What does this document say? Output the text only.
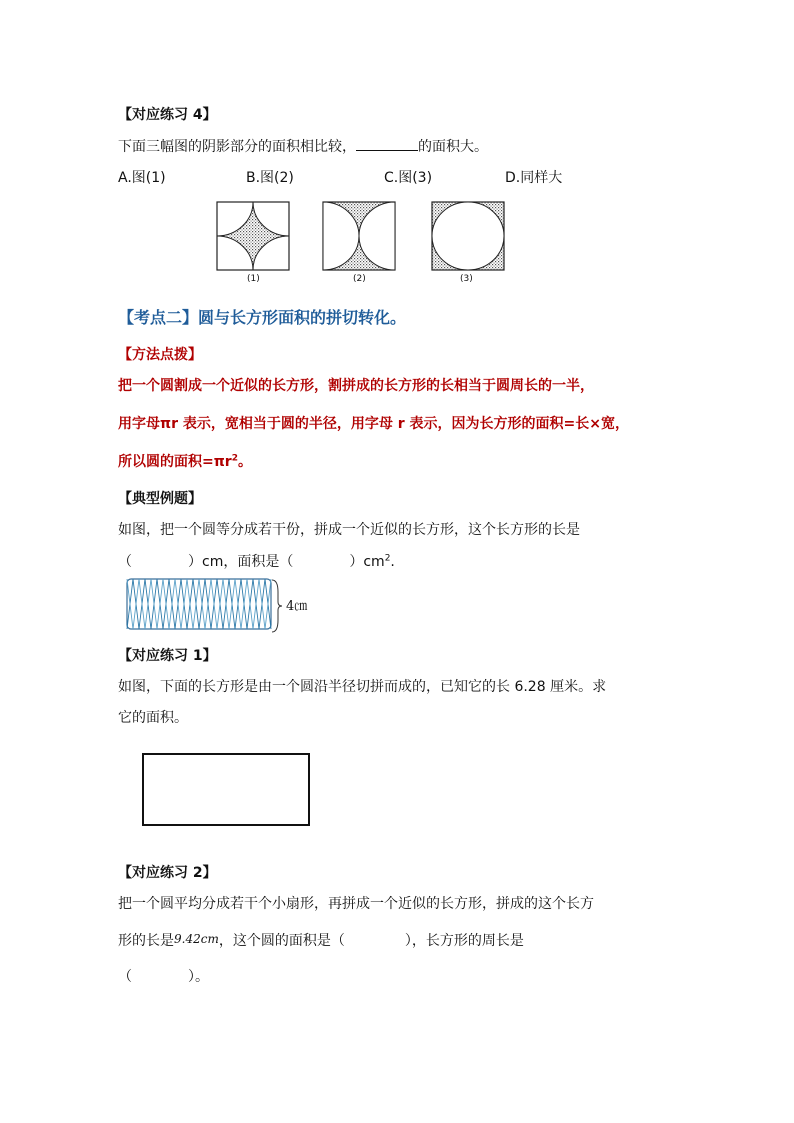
【对应练习 4】
下面三幅图的阴影部分的面积相比较，	的面积大。
A.图(1)	B.图(2)	C.图(3)	D.同样大
(1)	(2)	(3)
【考点二】圆与长方形面积的拼切转化。
【方法点拨】
把一个圆割成一个近似的长方形，割拼成的长方形的长相当于圆周长的一半，
用字母πr 表示，宽相当于圆的半径，用字母 r 表示，因为长方形的面积=长×宽，
所以圆的面积$=\pi r^2$。
【典型例题】
如图，把一个圆等分成若干份，拼成一个近似的长方形，这个长方形的长是
（	）cm，面积是（	）$cm^2$.
4㎝
【对应练习 1】
如图，下面的长方形是由一个圆沿半径切拼而成的，已知它的长 6.28 厘米。求
它的面积。
【对应练习 2】
把一个圆平均分成若干个小扇形，再拼成一个近似的长方形，拼成的这个长方
形的长是9.42cm，这个圆的面积是（	），长方形的周长是
（	）。
